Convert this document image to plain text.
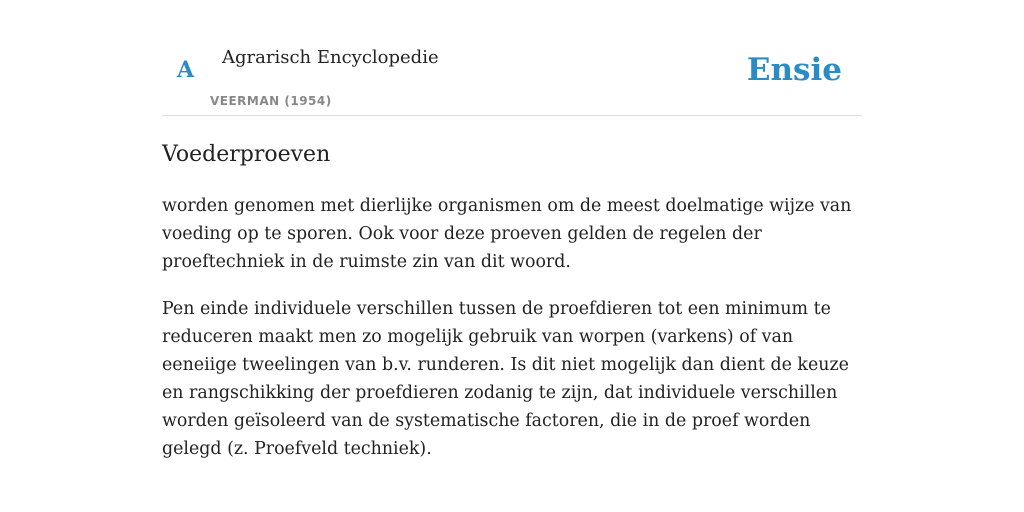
A Agrarisch Encyclopedie
VEERMAN (1954)
Ensie
Voederproeven

worden genomen met dierlijke organismen om de meest doelmatige wijze van voeding op te sporen. Ook voor deze proeven gelden de regelen der proeftechniek in de ruimste zin van dit woord.

Pen einde individuele verschillen tussen de proefdieren tot een minimum te reduceren maakt men zo mogelijk gebruik van worpen (varkens) of van eeneiige tweelingen van b.v. runderen. Is dit niet mogelijk dan dient de keuze en rangschikking der proefdieren zodanig te zijn, dat individuele verschillen worden geïsoleerd van de systematische factoren, die in de proef worden gelegd (z. Proefveld techniek).
